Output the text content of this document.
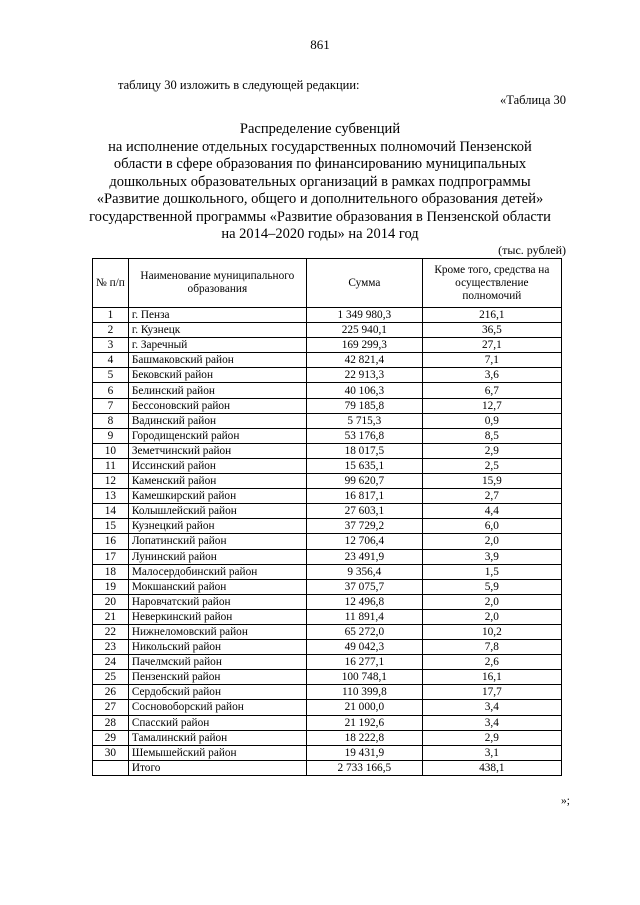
861
таблицу 30 изложить в следующей редакции:
«Таблица 30
Распределение субвенций
на исполнение отдельных государственных полномочий Пензенской
области в сфере образования по финансированию муниципальных
дошкольных образовательных организаций в рамках подпрограммы
«Развитие дошкольного, общего и дополнительного образования детей»
государственной программы «Развитие образования в Пензенской области
на 2014–2020 годы» на 2014 год
(тыс. рублей)
№ п/п	Наименование муниципального образования	Сумма	Кроме того, средства на осуществление полномочий
1	г. Пенза	1 349 980,3	216,1
2	г. Кузнецк	225 940,1	36,5
3	г. Заречный	169 299,3	27,1
4	Башмаковский район	42 821,4	7,1
5	Бековский район	22 913,3	3,6
6	Белинский район	40 106,3	6,7
7	Бессоновский район	79 185,8	12,7
8	Вадинский район	5 715,3	0,9
9	Городищенский район	53 176,8	8,5
10	Земетчинский район	18 017,5	2,9
11	Иссинский район	15 635,1	2,5
12	Каменский район	99 620,7	15,9
13	Камешкирский район	16 817,1	2,7
14	Колышлейский район	27 603,1	4,4
15	Кузнецкий район	37 729,2	6,0
16	Лопатинский район	12 706,4	2,0
17	Лунинский район	23 491,9	3,9
18	Малосердобинский район	9 356,4	1,5
19	Мокшанский район	37 075,7	5,9
20	Наровчатский район	12 496,8	2,0
21	Неверкинский район	11 891,4	2,0
22	Нижнеломовский район	65 272,0	10,2
23	Никольский район	49 042,3	7,8
24	Пачелмский район	16 277,1	2,6
25	Пензенский район	100 748,1	16,1
26	Сердобский район	110 399,8	17,7
27	Сосновоборский район	21 000,0	3,4
28	Спасский район	21 192,6	3,4
29	Тамалинский район	18 222,8	2,9
30	Шемышейский район	19 431,9	3,1
	Итого	2 733 166,5	438,1
»;
